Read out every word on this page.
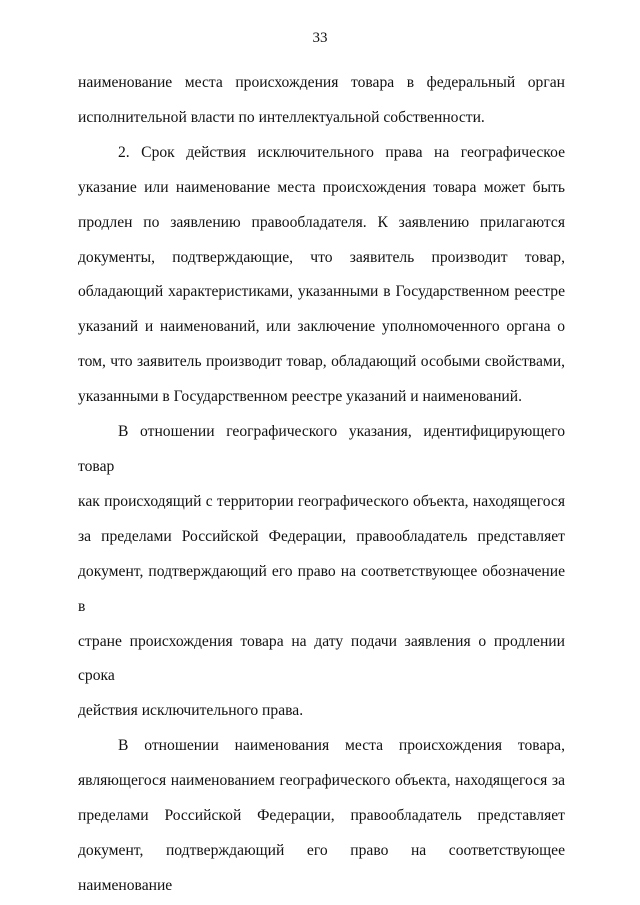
33
наименование места происхождения товара в федеральный орган
исполнительной власти по интеллектуальной собственности.
2. Срок действия исключительного права на географическое
указание или наименование места происхождения товара может быть
продлен по заявлению правообладателя. К заявлению прилагаются
документы, подтверждающие, что заявитель производит товар,
обладающий характеристиками, указанными в Государственном реестре
указаний и наименований, или заключение уполномоченного органа о
том, что заявитель производит товар, обладающий особыми свойствами,
указанными в Государственном реестре указаний и наименований.
В отношении географического указания, идентифицирующего товар
как происходящий с территории географического объекта, находящегося
за пределами Российской Федерации, правообладатель представляет
документ, подтверждающий его право на соответствующее обозначение в
стране происхождения товара на дату подачи заявления о продлении срока
действия исключительного права.
В отношении наименования места происхождения товара,
являющегося наименованием географического объекта, находящегося за
пределами Российской Федерации, правообладатель представляет
документ, подтверждающий его право на соответствующее наименование
